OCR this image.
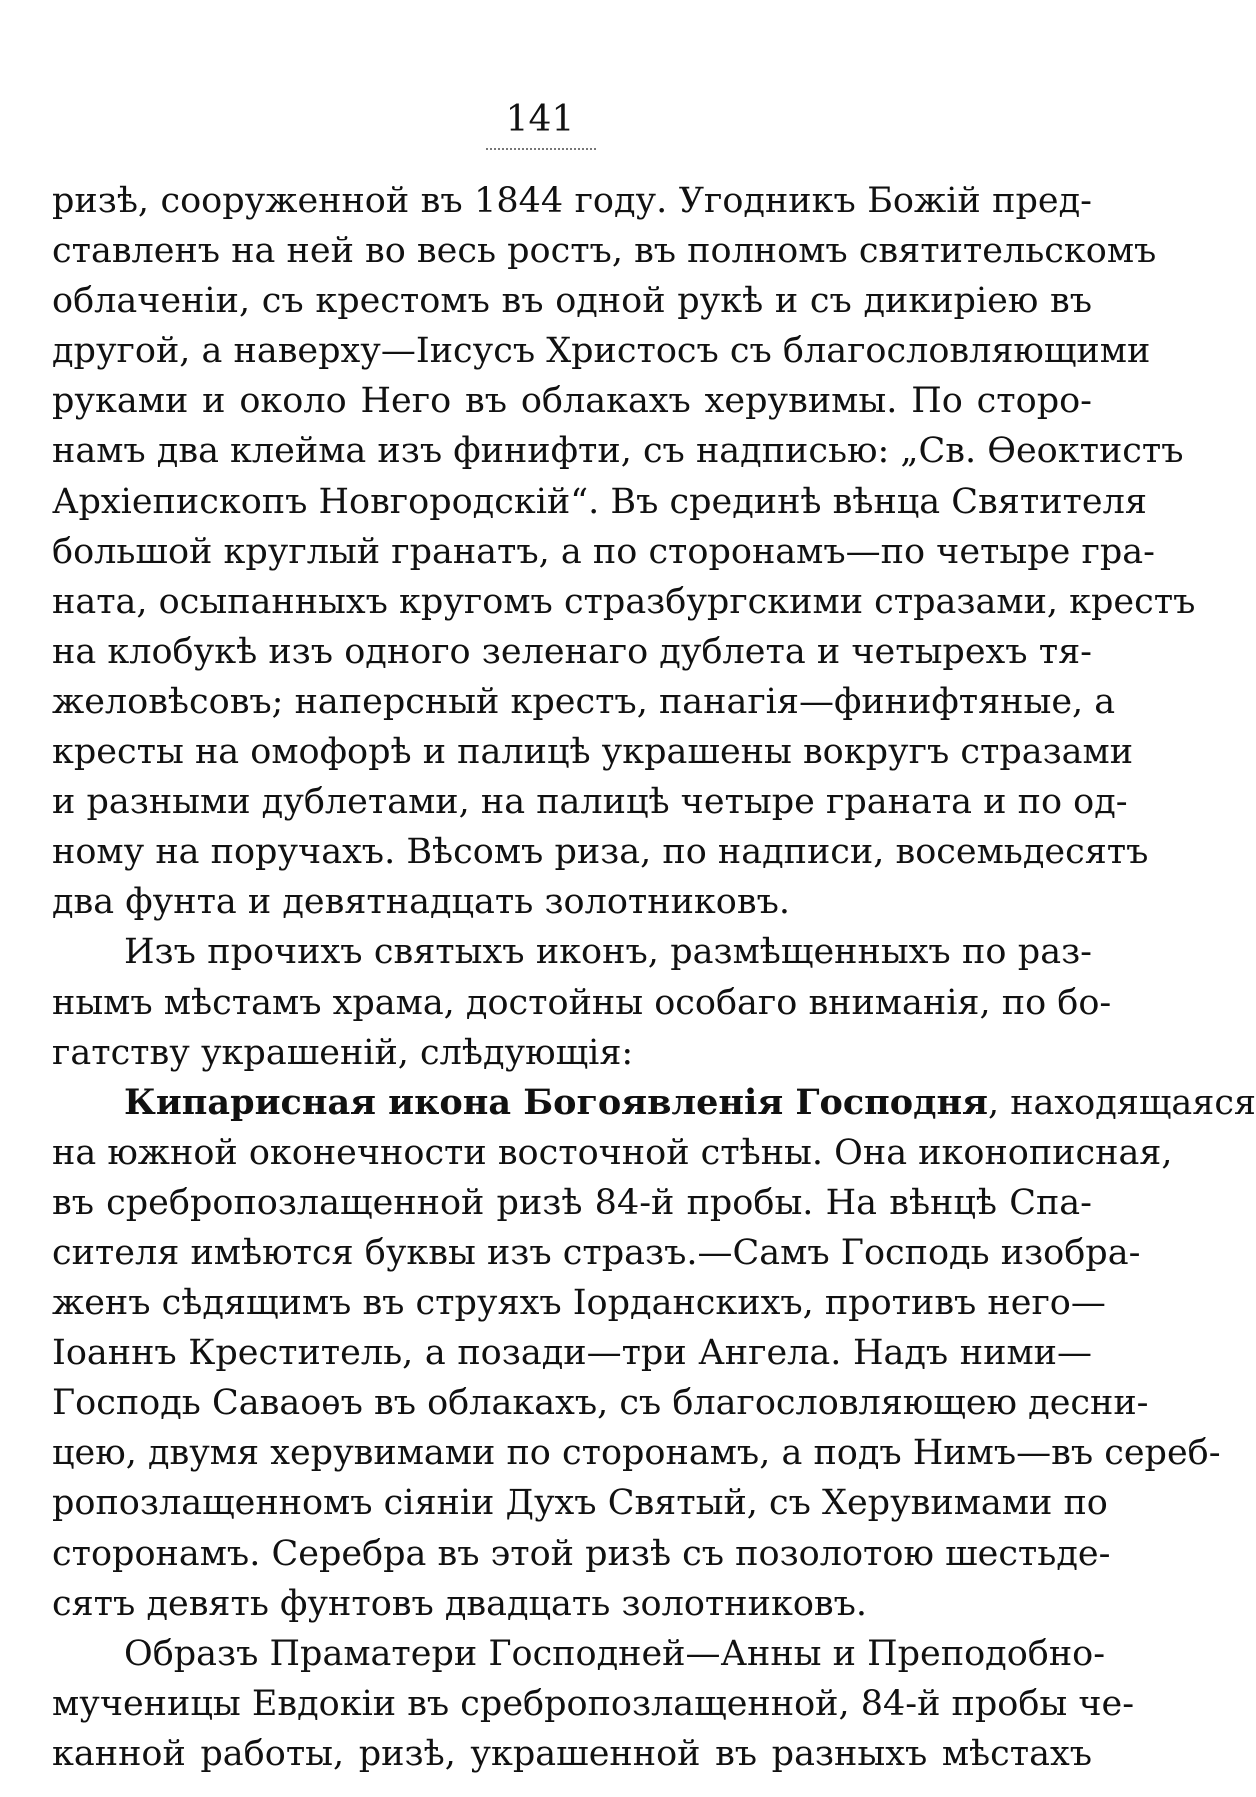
141
ризѣ, сооруженной въ 1844 году. Угодникъ Божій пред-
ставленъ на ней во весь ростъ, въ полномъ святительскомъ
облаченіи, съ крестомъ въ одной рукѣ и съ дикиріею въ
другой, а наверху—Іисусъ Христосъ съ благословляющими
руками и около Него въ облакахъ херувимы. По сторо-
намъ два клейма изъ финифти, съ надписью: „Св. Ѳеоктистъ
Архіепископъ Новгородскій“. Въ срединѣ вѣнца Святителя
большой круглый гранатъ, а по сторонамъ—по четыре гра-
ната, осыпанныхъ кругомъ стразбургскими стразами, крестъ
на клобукѣ изъ одного зеленаго дублета и четырехъ тя-
желовѣсовъ; наперсный крестъ, панагія—финифтяные, а
кресты на омофорѣ и палицѣ украшены вокругъ стразами
и разными дублетами, на палицѣ четыре граната и по од-
ному на поручахъ. Вѣсомъ риза, по надписи, восемьдесятъ
два фунта и девятнадцать золотниковъ.
Изъ прочихъ святыхъ иконъ, размѣщенныхъ по раз-
нымъ мѣстамъ храма, достойны особаго вниманія, по бо-
гатству украшеній, слѣдующія:
Кипарисная икона Богоявленія Господня, находящаяся
на южной оконечности восточной стѣны. Она иконописная,
въ сребропозлащенной ризѣ 84-й пробы. На вѣнцѣ Спа-
сителя имѣются буквы изъ стразъ.—Самъ Господь изобра-
женъ сѣдящимъ въ струяхъ Іорданскихъ, противъ него—
Іоаннъ Креститель, а позади—три Ангела. Надъ ними—
Господь Саваоѳъ въ облакахъ, съ благословляющею десни-
цею, двумя херувимами по сторонамъ, а подъ Нимъ—въ сереб-
ропозлащенномъ сіяніи Духъ Святый, съ Херувимами по
сторонамъ. Серебра въ этой ризѣ съ позолотою шестьде-
сятъ девять фунтовъ двадцать золотниковъ.
Образъ Праматери Господней—Анны и Преподобно-
мученицы Евдокіи въ сребропозлащенной, 84-й пробы че-
канной работы, ризѣ, украшенной въ разныхъ мѣстахъ
